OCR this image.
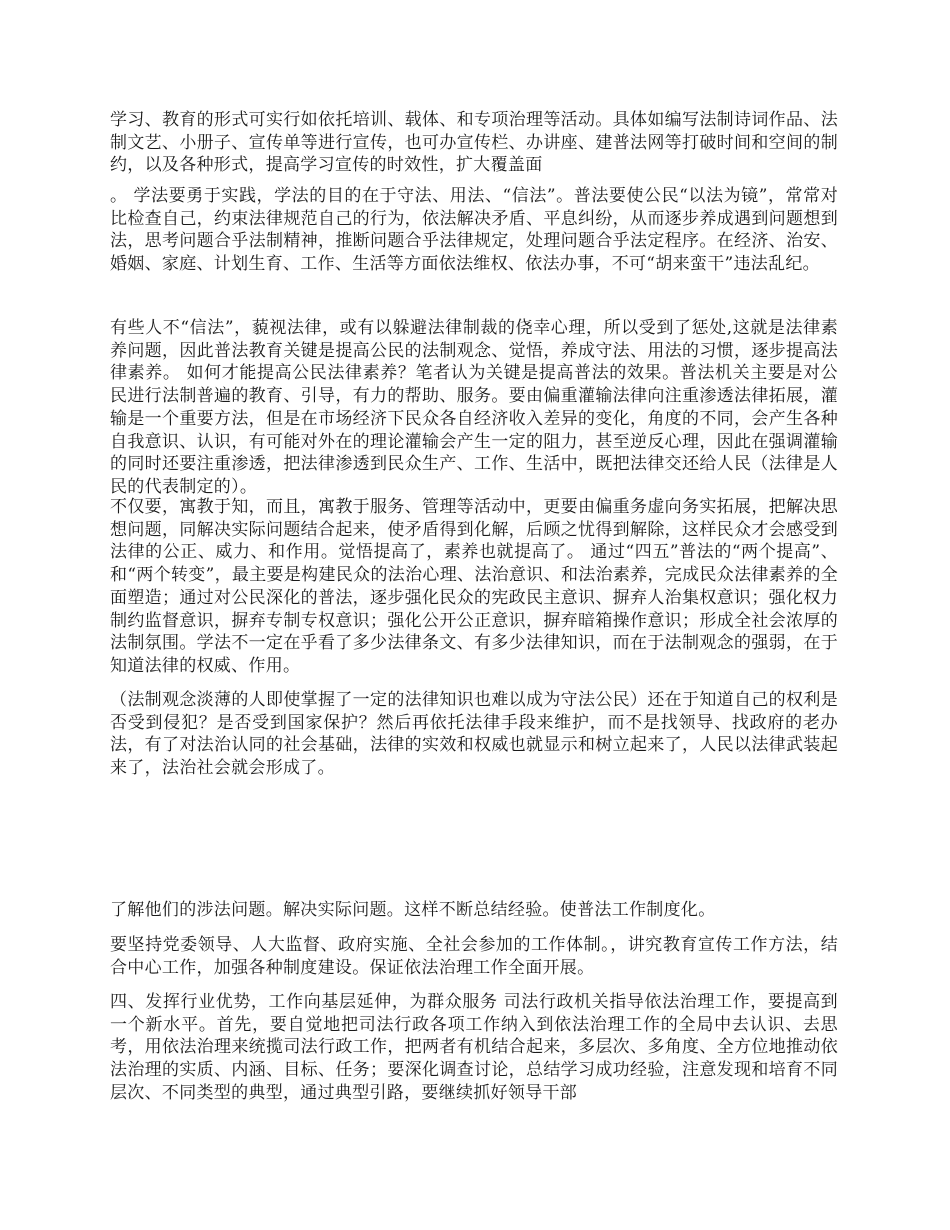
学习、教育的形式可实行如依托培训、载体、和专项治理等活动。具体如编写法制诗词作品、法制文艺、小册子、宣传单等进行宣传，也可办宣传栏、办讲座、建普法网等打破时间和空间的制约，以及各种形式，提高学习宣传的时效性，扩大覆盖面

。 学法要勇于实践，学法的目的在于守法、用法、“信法”。普法要使公民“以法为镜”，常常对比检查自己，约束法律规范自己的行为，依法解决矛盾、平息纠纷，从而逐步养成遇到问题想到法，思考问题合乎法制精神，推断问题合乎法律规定，处理问题合乎法定程序。在经济、治安、婚姻、家庭、计划生育、工作、生活等方面依法维权、依法办事，不可“胡来蛮干”违法乱纪。

有些人不“信法”，藐视法律，或有以躲避法律制裁的侥幸心理，所以受到了惩处,这就是法律素养问题，因此普法教育关键是提高公民的法制观念、觉悟，养成守法、用法的习惯，逐步提高法律素养。 如何才能提高公民法律素养？笔者认为关键是提高普法的效果。普法机关主要是对公民进行法制普遍的教育、引导，有力的帮助、服务。要由偏重灌输法律向注重渗透法律拓展，灌输是一个重要方法，但是在市场经济下民众各自经济收入差异的变化，角度的不同，会产生各种自我意识、认识，有可能对外在的理论灌输会产生一定的阻力，甚至逆反心理，因此在强调灌输的同时还要注重渗透，把法律渗透到民众生产、工作、生活中，既把法律交还给人民（法律是人民的代表制定的）。

不仅要，寓教于知，而且，寓教于服务、管理等活动中，更要由偏重务虚向务实拓展，把解决思想问题，同解决实际问题结合起来，使矛盾得到化解，后顾之忧得到解除，这样民众才会感受到法律的公正、威力、和作用。觉悟提高了，素养也就提高了。 通过“四五”普法的“两个提高”、和“两个转变”，最主要是构建民众的法治心理、法治意识、和法治素养，完成民众法律素养的全面塑造；通过对公民深化的普法，逐步强化民众的宪政民主意识、摒弃人治集权意识；强化权力制约监督意识，摒弃专制专权意识；强化公开公正意识，摒弃暗箱操作意识；形成全社会浓厚的法制氛围。学法不一定在乎看了多少法律条文、有多少法律知识，而在于法制观念的强弱，在于知道法律的权威、作用。

（法制观念淡薄的人即使掌握了一定的法律知识也难以成为守法公民）还在于知道自己的权利是否受到侵犯？是否受到国家保护？然后再依托法律手段来维护，而不是找领导、找政府的老办法，有了对法治认同的社会基础，法律的实效和权威也就显示和树立起来了，人民以法律武装起来了，法治社会就会形成了。

了解他们的涉法问题。解决实际问题。这样不断总结经验。使普法工作制度化。

要坚持党委领导、人大监督、政府实施、全社会参加的工作体制。，讲究教育宣传工作方法，结合中心工作，加强各种制度建设。保证依法治理工作全面开展。

四、发挥行业优势，工作向基层延伸，为群众服务 司法行政机关指导依法治理工作，要提高到一个新水平。首先，要自觉地把司法行政各项工作纳入到依法治理工作的全局中去认识、去思考，用依法治理来统揽司法行政工作，把两者有机结合起来，多层次、多角度、全方位地推动依法治理的实质、内涵、目标、任务；要深化调查讨论，总结学习成功经验，注意发现和培育不同层次、不同类型的典型，通过典型引路，要继续抓好领导干部
